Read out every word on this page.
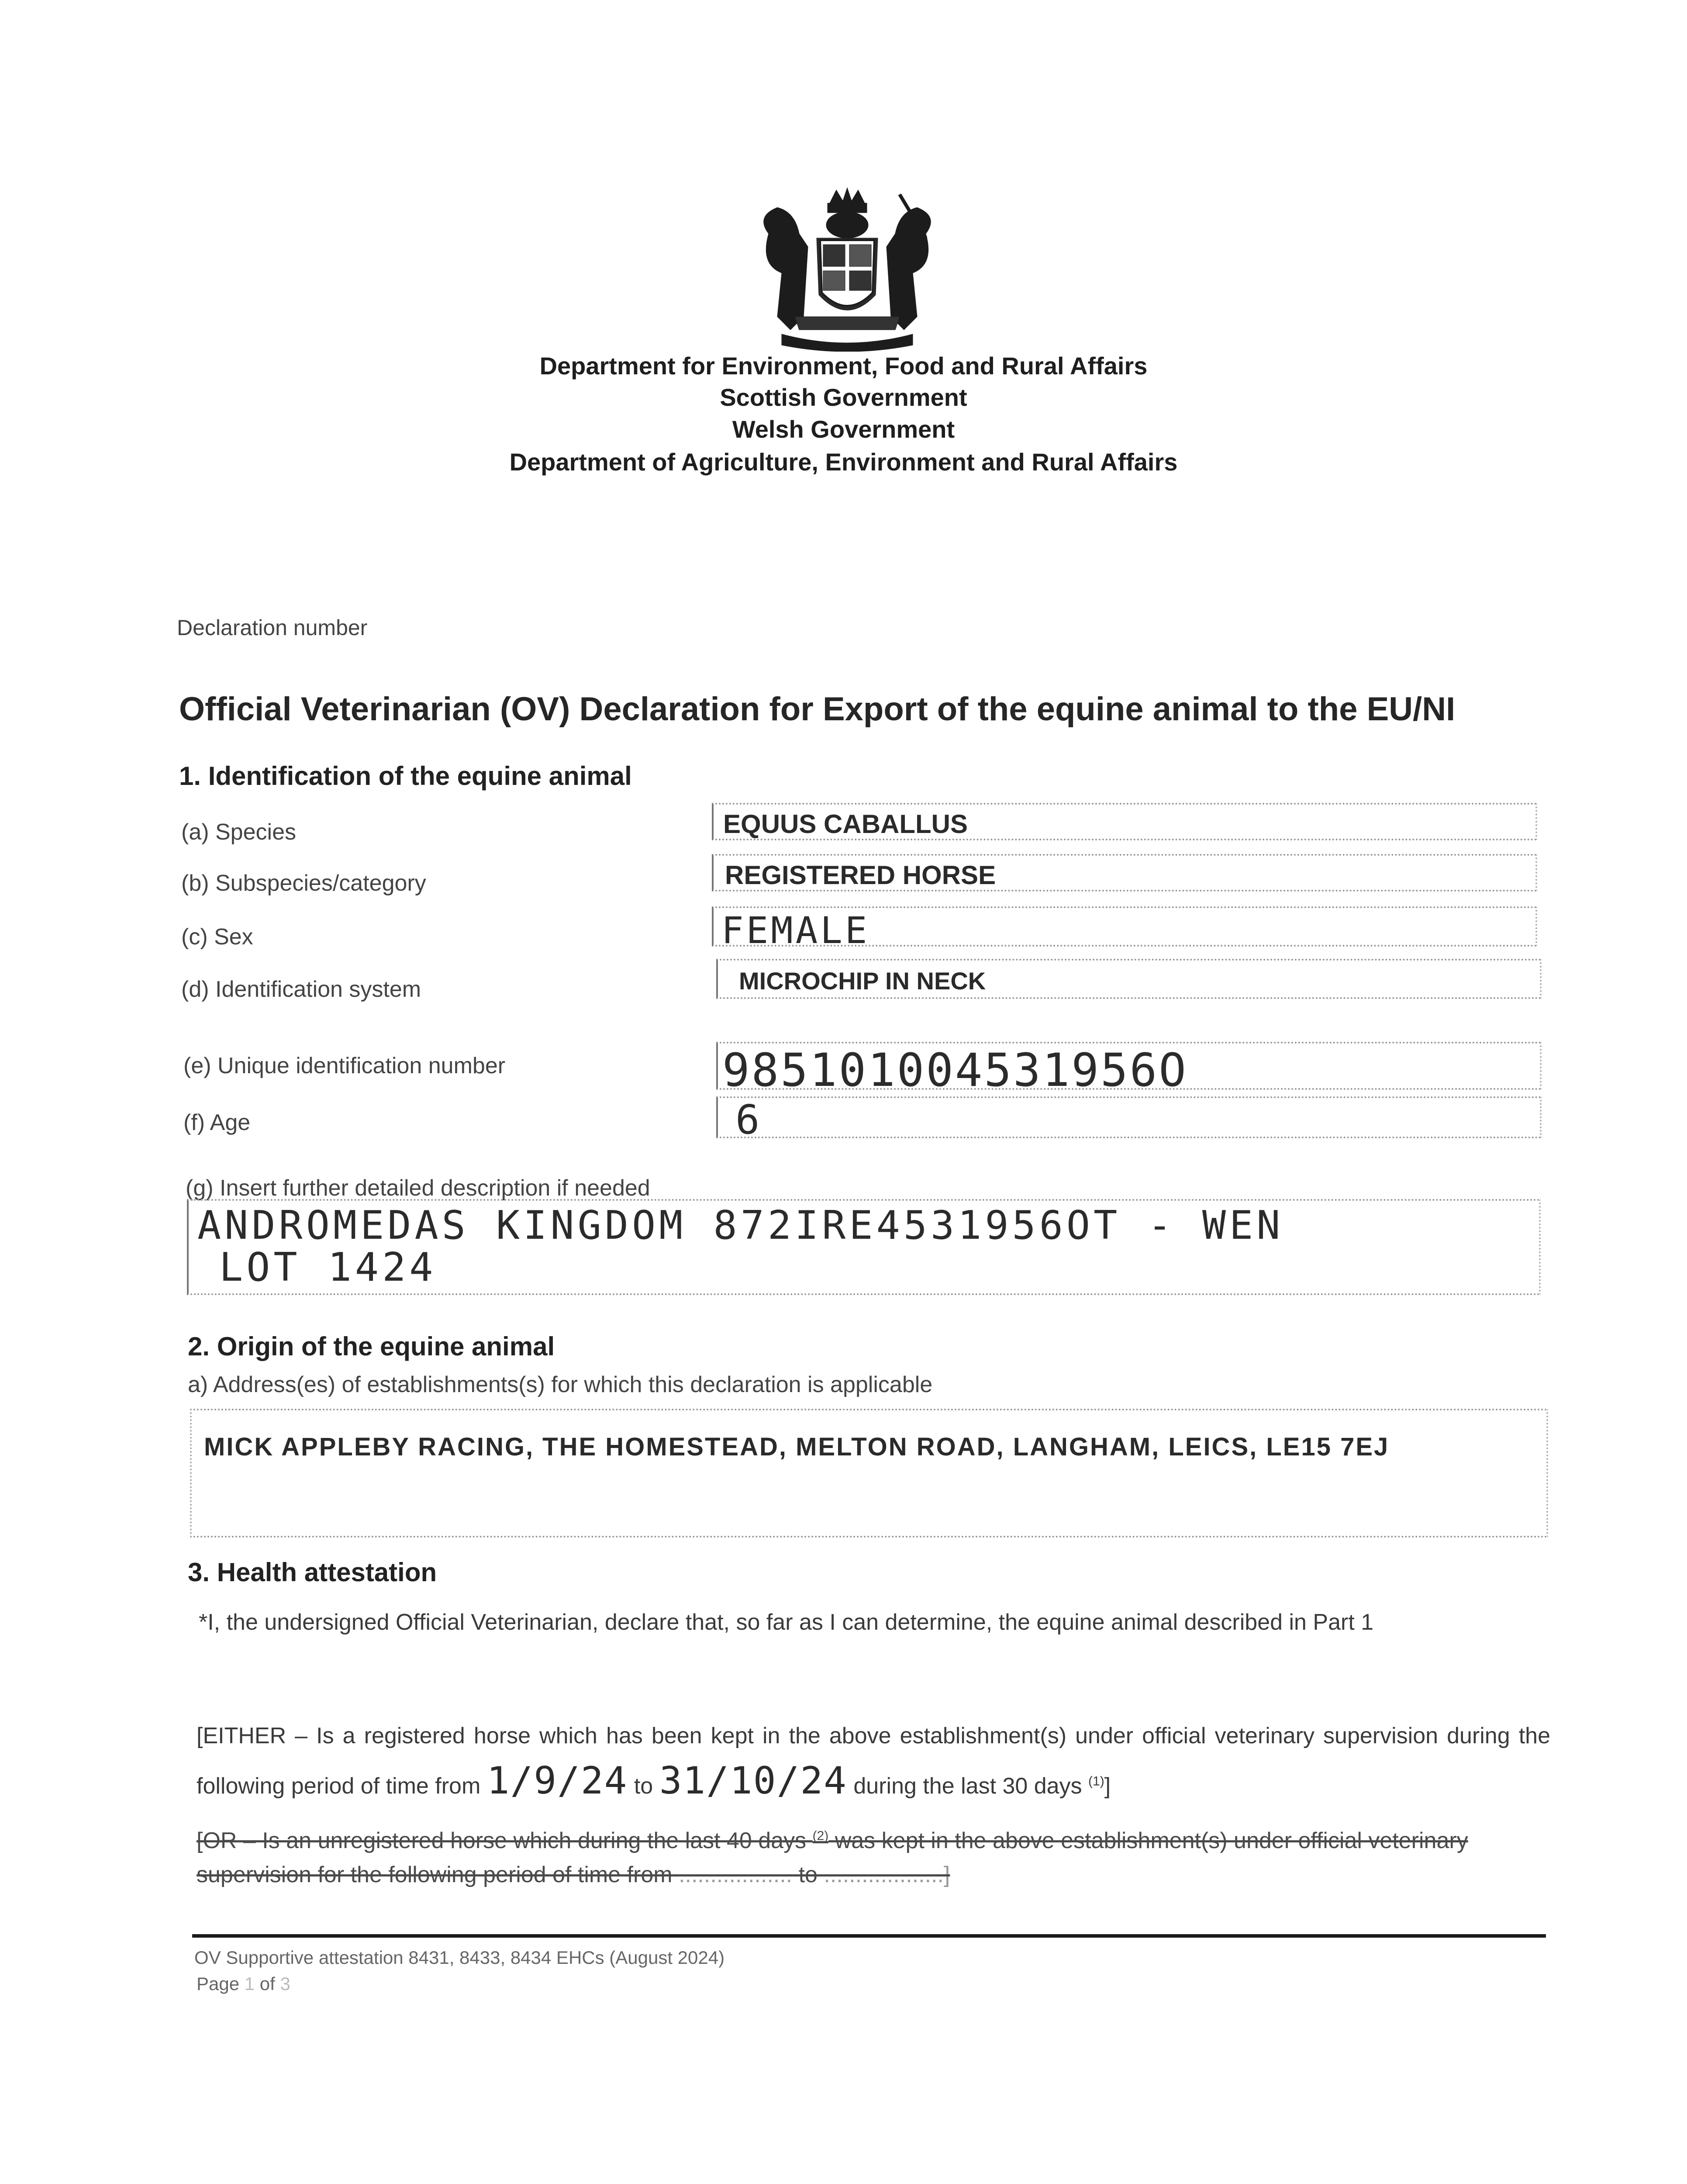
Department for Environment, Food and Rural Affairs
Scottish Government
Welsh Government
Department of Agriculture, Environment and Rural Affairs
Declaration number
Official Veterinarian (OV) Declaration for Export of the equine animal to the EU/NI
1. Identification of the equine animal
(a) Species	EQUUS CABALLUS
(b) Subspecies/category	REGISTERED HORSE
(c) Sex	FEMALE
(d) Identification system	MICROCHIP IN NECK
(e) Unique identification number	985101004531956O
(f) Age	6
(g) Insert further detailed description if needed
ANDROMEDAS KINGDOM 872IRE4531956OT - WEN
LOT 1424
2. Origin of the equine animal
a) Address(es) of establishments(s) for which this declaration is applicable
MICK APPLEBY RACING, THE HOMESTEAD, MELTON ROAD, LANGHAM, LEICS, LE15 7EJ
3. Health attestation
*I, the undersigned Official Veterinarian, declare that, so far as I can determine, the equine animal described in Part 1
[EITHER – Is a registered horse which has been kept in the above establishment(s) under official veterinary supervision during the following period of time from 1/9/24 to 31/10/24 during the last 30 days $^{(1)}$]
[OR – Is an unregistered horse which during the last 40 days $^{(2)}$ was kept in the above establishment(s) under official veterinary supervision for the following period of time from .................. to ...................]
OV Supportive attestation 8431, 8433, 8434 EHCs (August 2024)
Page 1 of 3
